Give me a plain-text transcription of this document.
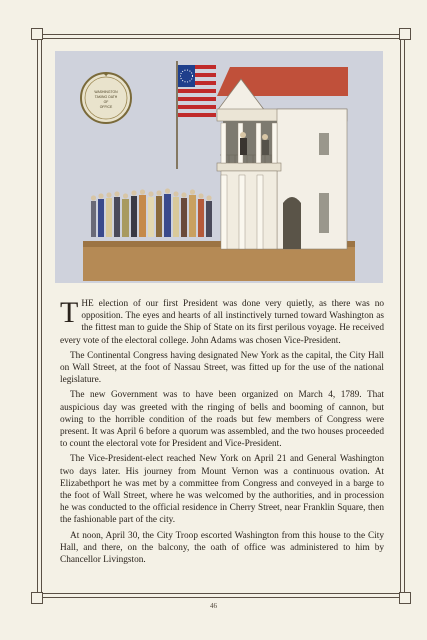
✦
WASHINGTON
TAKING OATH
OF
OFFICE

THE election of our first President was done very quietly, as there was no opposition. The eyes and hearts of all instinctively turned toward Washington as the fittest man to guide the Ship of State on its first perilous voyage. He received every vote of the electoral college. John Adams was chosen Vice-President.

The Continental Congress having designated New York as the capital, the City Hall on Wall Street, at the foot of Nassau Street, was fitted up for the use of the national legislature.

The new Government was to have been organized on March 4, 1789. That auspicious day was greeted with the ringing of bells and booming of cannon, but owing to the horrible condition of the roads but few members of Congress were present. It was April 6 before a quorum was assembled, and the two houses proceeded to count the electoral vote for President and Vice-President.

The Vice-President-elect reached New York on April 21 and General Washington two days later. His journey from Mount Vernon was a continuous ovation. At Elizabethport he was met by a committee from Congress and conveyed in a barge to the foot of Wall Street, where he was welcomed by the authorities, and in procession he was conducted to the official residence in Cherry Street, near Franklin Square, then the fashionable part of the city.

At noon, April 30, the City Troop escorted Washington from this house to the City Hall, and there, on the balcony, the oath of office was administered to him by Chancellor Livingston.

46
